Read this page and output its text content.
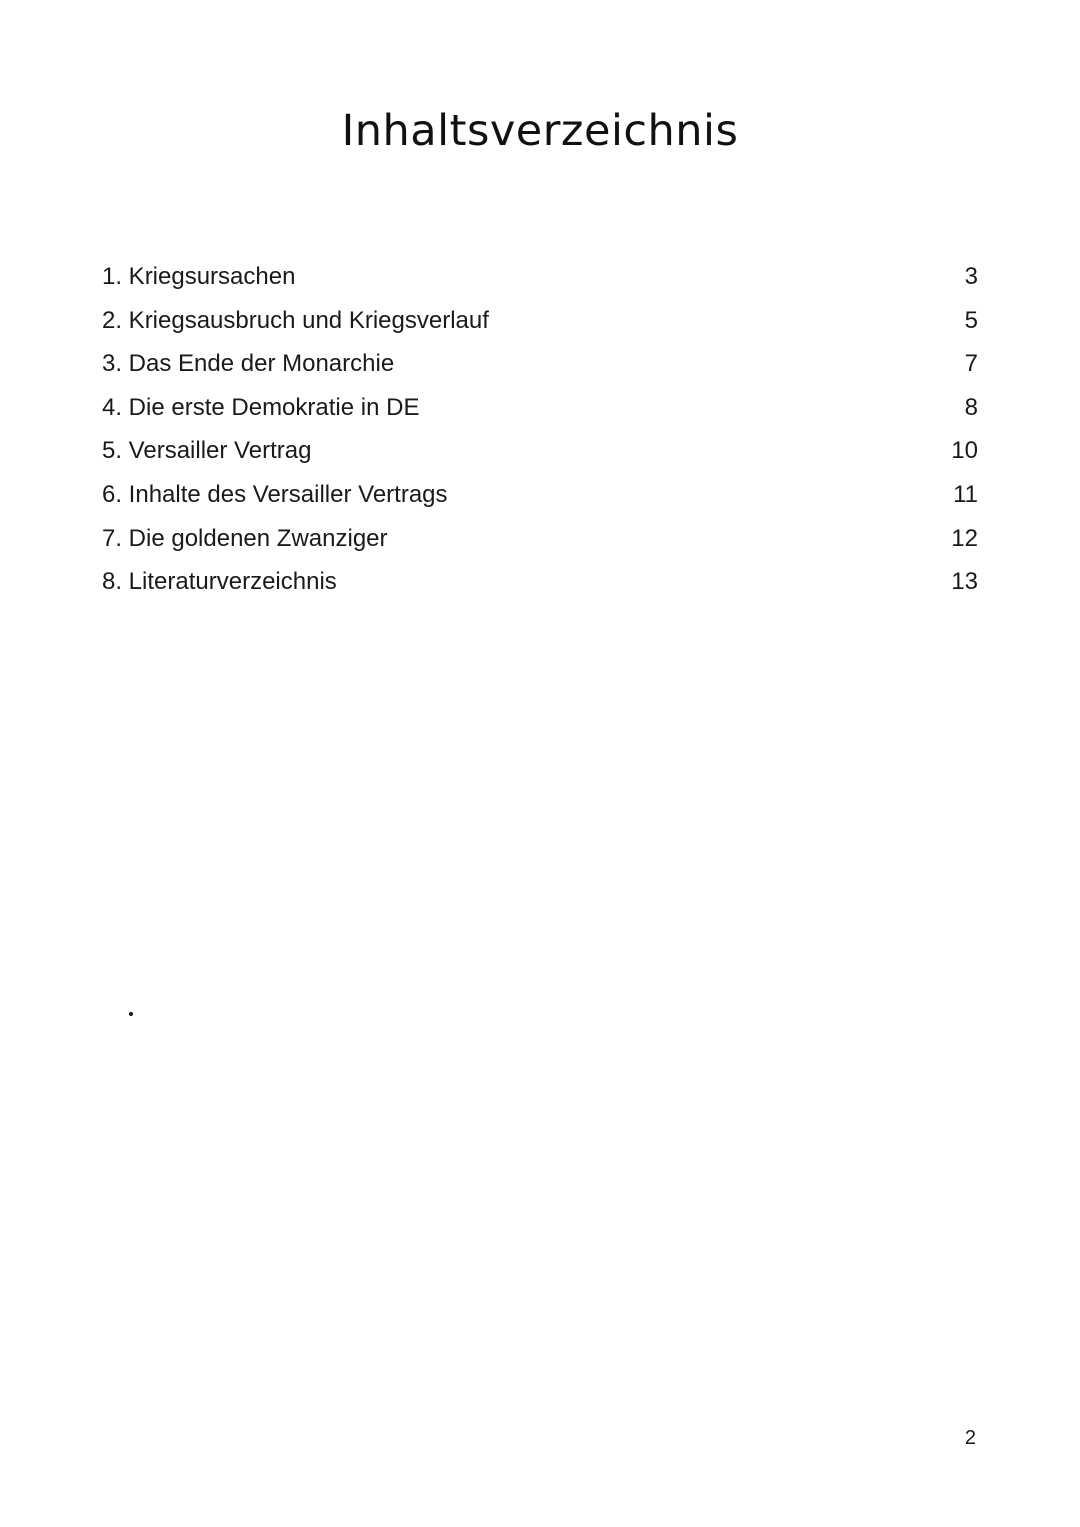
Inhaltsverzeichnis
1. Kriegsursachen	3
2. Kriegsausbruch und Kriegsverlauf	5
3. Das Ende der Monarchie	7
4. Die erste Demokratie in DE	8
5. Versailler Vertrag	10
6. Inhalte des Versailler Vertrags	11
7. Die goldenen Zwanziger	12
8. Literaturverzeichnis	13
2
